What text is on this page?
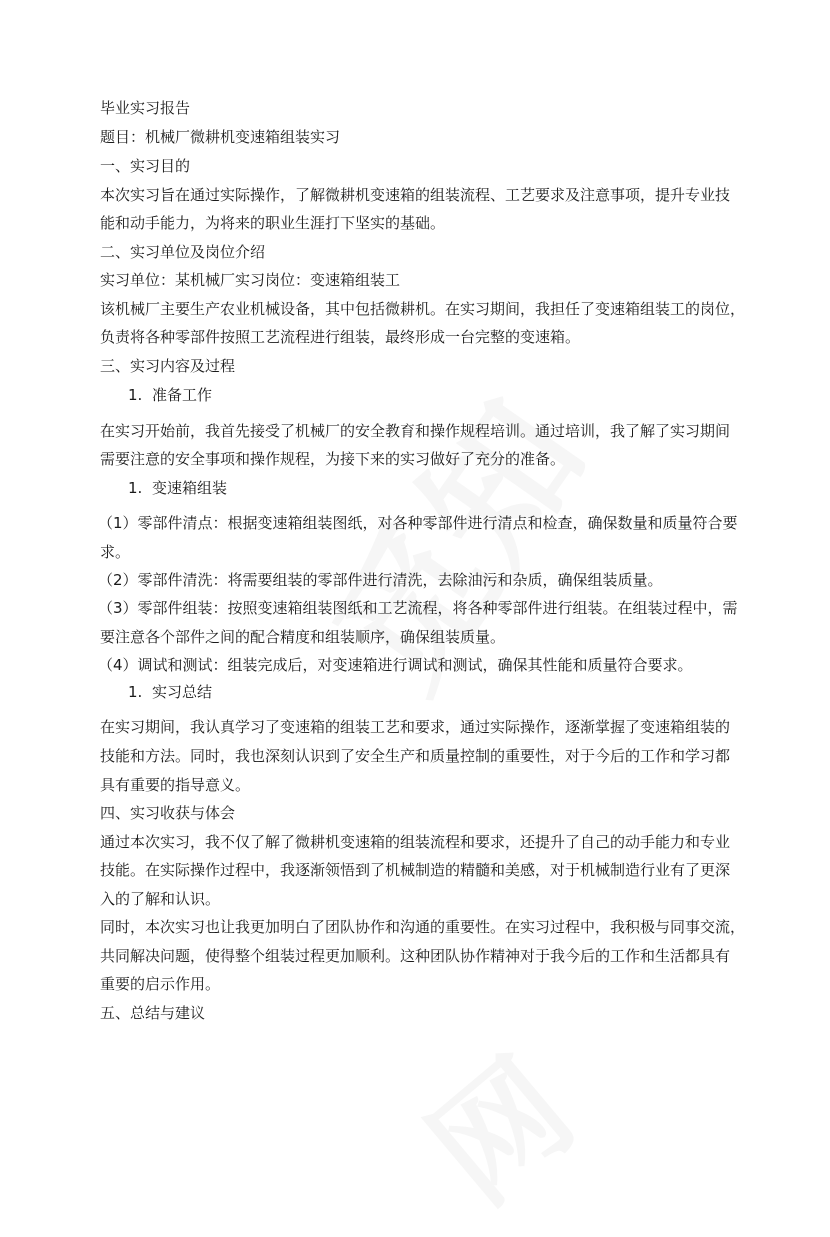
毕业实习报告
题目：机械厂微耕机变速箱组装实习
一、实习目的
本次实习旨在通过实际操作，了解微耕机变速箱的组装流程、工艺要求及注意事项，提升专业技
能和动手能力，为将来的职业生涯打下坚实的基础。
二、实习单位及岗位介绍
实习单位：某机械厂实习岗位：变速箱组装工
该机械厂主要生产农业机械设备，其中包括微耕机。在实习期间，我担任了变速箱组装工的岗位，
负责将各种零部件按照工艺流程进行组装，最终形成一台完整的变速箱。
三、实习内容及过程
1. 准备工作
在实习开始前，我首先接受了机械厂的安全教育和操作规程培训。通过培训，我了解了实习期间
需要注意的安全事项和操作规程，为接下来的实习做好了充分的准备。
1. 变速箱组装
（1）零部件清点：根据变速箱组装图纸，对各种零部件进行清点和检查，确保数量和质量符合要
求。
（2）零部件清洗：将需要组装的零部件进行清洗，去除油污和杂质，确保组装质量。
（3）零部件组装：按照变速箱组装图纸和工艺流程，将各种零部件进行组装。在组装过程中，需
要注意各个部件之间的配合精度和组装顺序，确保组装质量。
（4）调试和测试：组装完成后，对变速箱进行调试和测试，确保其性能和质量符合要求。
1. 实习总结
在实习期间，我认真学习了变速箱的组装工艺和要求，通过实际操作，逐渐掌握了变速箱组装的
技能和方法。同时，我也深刻认识到了安全生产和质量控制的重要性，对于今后的工作和学习都
具有重要的指导意义。
四、实习收获与体会
通过本次实习，我不仅了解了微耕机变速箱的组装流程和要求，还提升了自己的动手能力和专业
技能。在实际操作过程中，我逐渐领悟到了机械制造的精髓和美感，对于机械制造行业有了更深
入的了解和认识。
同时，本次实习也让我更加明白了团队协作和沟通的重要性。在实习过程中，我积极与同事交流，
共同解决问题，使得整个组装过程更加顺利。这种团队协作精神对于我今后的工作和生活都具有
重要的启示作用。
五、总结与建议
